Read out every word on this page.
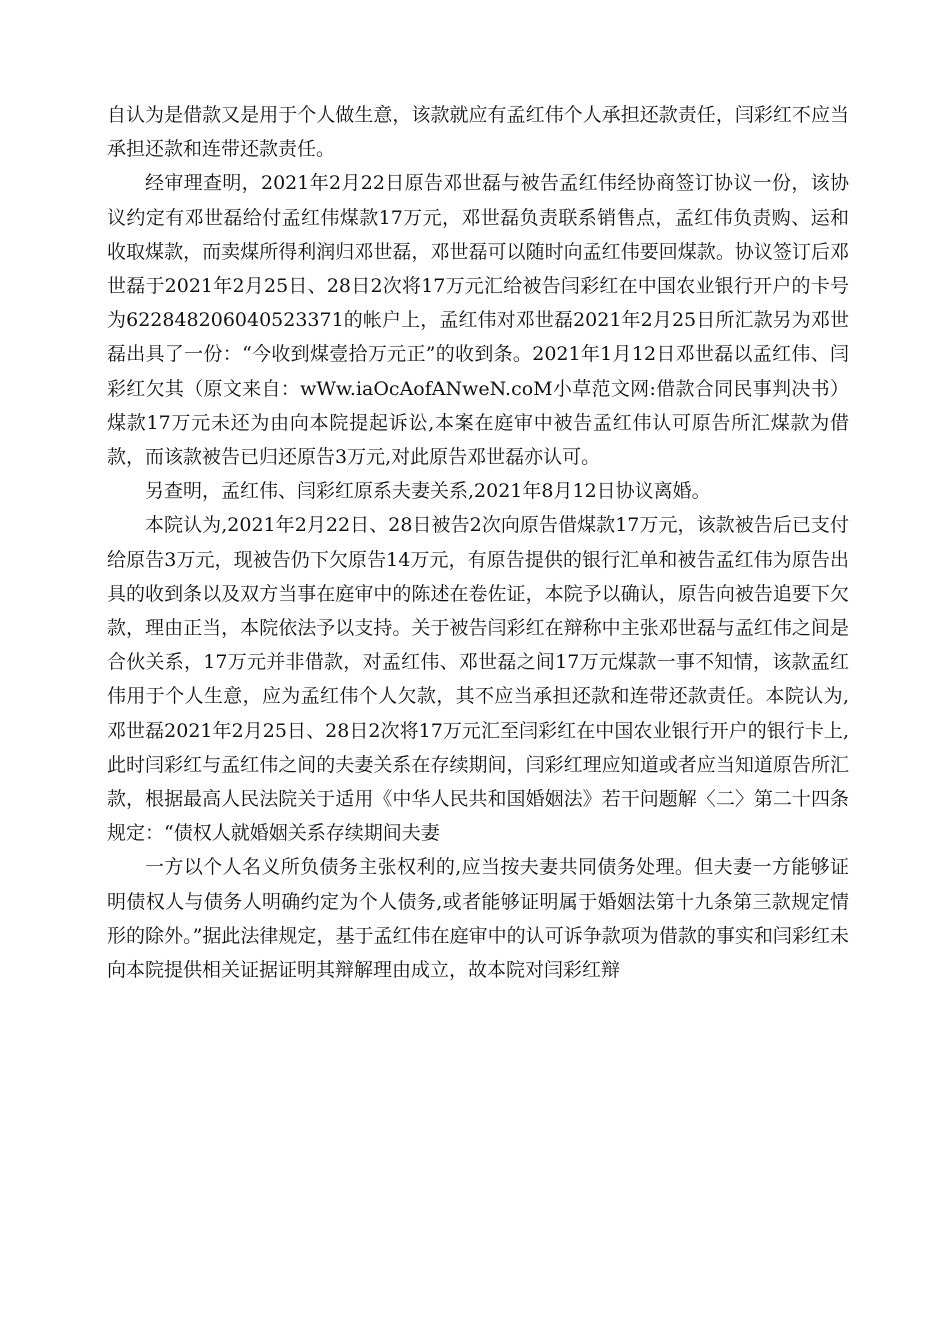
自认为是借款又是用于个人做生意，该款就应有孟红伟个人承担还款责任，闫彩红不应当承担还款和连带还款责任。

经审理查明，2021年2月22日原告邓世磊与被告孟红伟经协商签订协议一份，该协议约定有邓世磊给付孟红伟煤款17万元，邓世磊负责联系销售点，孟红伟负责购、运和收取煤款，而卖煤所得利润归邓世磊，邓世磊可以随时向孟红伟要回煤款。协议签订后邓世磊于2021年2月25日、28日2次将17万元汇给被告闫彩红在中国农业银行开户的卡号为622848206040523371的帐户上，孟红伟对邓世磊2021年2月25日所汇款另为邓世磊出具了一份：“今收到煤壹拾万元正”的收到条。2021年1月12日邓世磊以孟红伟、闫彩红欠其（原文来自：wWw.iaOcAofANweN.coM小草范文网:借款合同民事判决书）煤款17万元未还为由向本院提起诉讼,本案在庭审中被告孟红伟认可原告所汇煤款为借款，而该款被告已归还原告3万元,对此原告邓世磊亦认可。

另查明，孟红伟、闫彩红原系夫妻关系,2021年8月12日协议离婚。

本院认为,2021年2月22日、28日被告2次向原告借煤款17万元，该款被告后已支付给原告3万元，现被告仍下欠原告14万元，有原告提供的银行汇单和被告孟红伟为原告出具的收到条以及双方当事在庭审中的陈述在卷佐证，本院予以确认，原告向被告追要下欠款，理由正当，本院依法予以支持。关于被告闫彩红在辩称中主张邓世磊与孟红伟之间是合伙关系，17万元并非借款，对孟红伟、邓世磊之间17万元煤款一事不知情，该款孟红伟用于个人生意，应为孟红伟个人欠款，其不应当承担还款和连带还款责任。本院认为,邓世磊2021年2月25日、28日2次将17万元汇至闫彩红在中国农业银行开户的银行卡上,此时闫彩红与孟红伟之间的夫妻关系在存续期间，闫彩红理应知道或者应当知道原告所汇款，根据最高人民法院关于适用《中华人民共和国婚姻法》若干问题解〈二〉第二十四条规定：“债权人就婚姻关系存续期间夫妻

一方以个人名义所负债务主张权利的,应当按夫妻共同债务处理。但夫妻一方能够证明债权人与债务人明确约定为个人债务,或者能够证明属于婚姻法第十九条第三款规定情形的除外。”据此法律规定，基于孟红伟在庭审中的认可诉争款项为借款的事实和闫彩红未向本院提供相关证据证明其辩解理由成立，故本院对闫彩红辩
